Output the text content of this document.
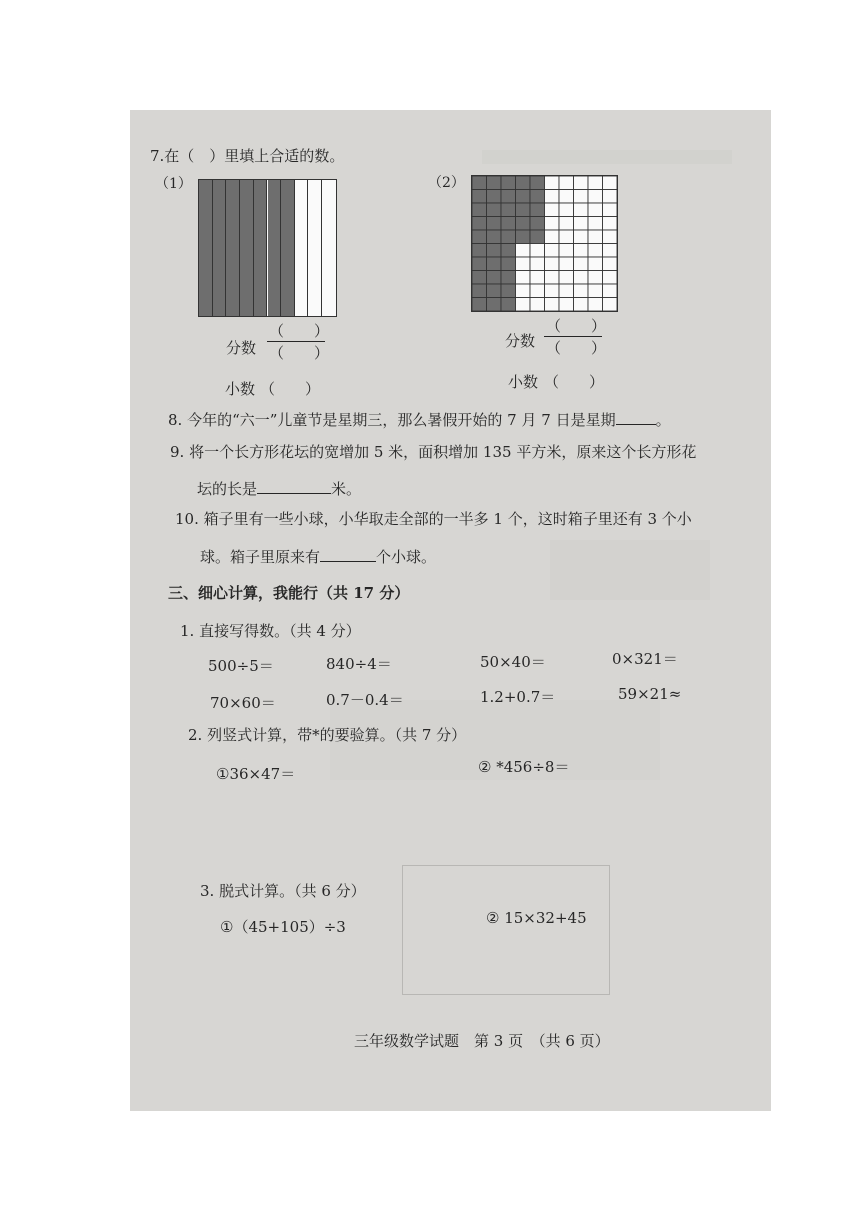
7.在（　）里填上合适的数。
（1）	（2）
分数
（　　）
（　　）
小数 （　　）
分数
（　　）
（　　）
小数 （　　）
8. 今年的“六一”儿童节是星期三，那么暑假开始的 7 月 7 日是星期	。
9. 将一个长方形花坛的宽增加 5 米，面积增加 135 平方米，原来这个长方形花
坛的长是	米。
10. 箱子里有一些小球，小华取走全部的一半多 1 个，这时箱子里还有 3 个小
球。箱子里原来有	个小球。
三、细心计算，我能行（共 17 分）
1. 直接写得数。（共 4 分）
500÷5＝	840÷4＝	50×40＝	0×321＝
70×60＝	0.7－0.4＝	1.2+0.7＝	59×21≈
2. 列竖式计算，带*的要验算。（共 7 分）
①36×47＝	② *456÷8＝
3. 脱式计算。（共 6 分）
①（45+105）÷3	② 15×32+45
三年级数学试题　第 3 页　（共 6 页）
